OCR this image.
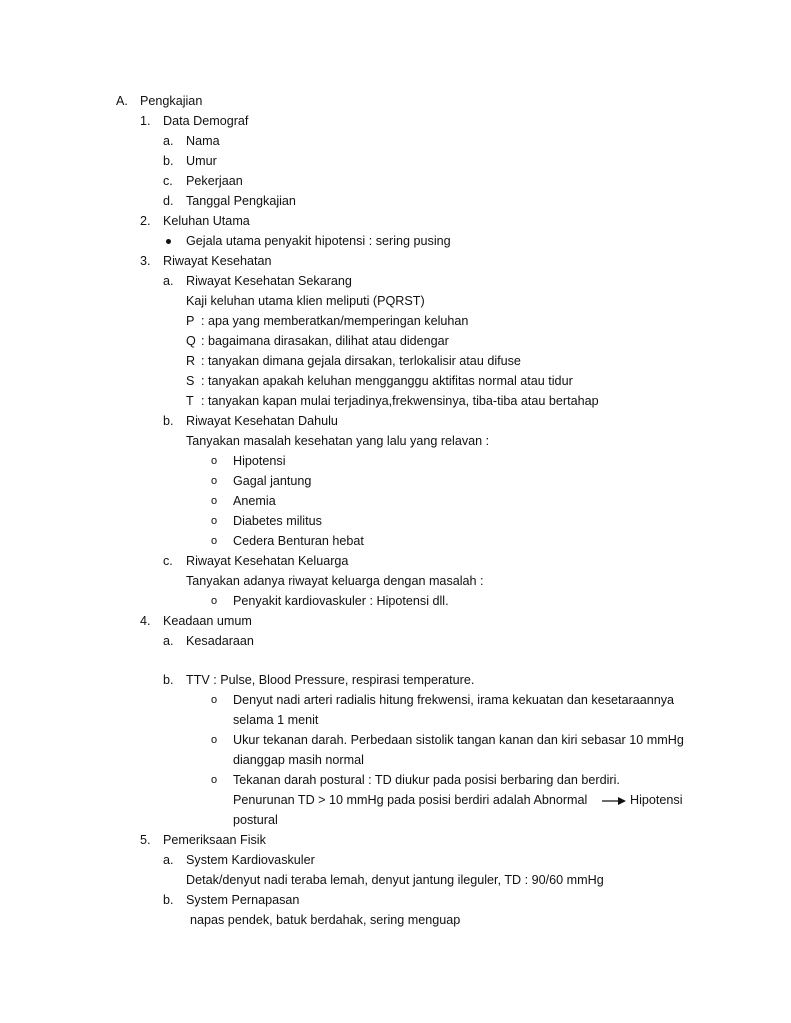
A. Pengkajian
1. Data Demograf
a. Nama
b. Umur
c. Pekerjaan
d. Tanggal Pengkajian
2. Keluhan Utama
Gejala utama penyakit hipotensi : sering pusing
3. Riwayat Kesehatan
a. Riwayat Kesehatan Sekarang
Kaji keluhan utama klien meliputi (PQRST)
P : apa yang memberatkan/memperingan keluhan
Q : bagaimana dirasakan, dilihat atau didengar
R : tanyakan dimana gejala dirsakan, terlokalisir atau difuse
S : tanyakan apakah keluhan mengganggu aktifitas normal atau tidur
T : tanyakan kapan mulai terjadinya,frekwensinya, tiba-tiba atau bertahap
b. Riwayat Kesehatan Dahulu
Tanyakan masalah kesehatan yang lalu yang relavan :
o Hipotensi
o Gagal jantung
o Anemia
o Diabetes militus
o Cedera Benturan hebat
c. Riwayat Kesehatan Keluarga
Tanyakan adanya riwayat keluarga dengan masalah :
o Penyakit kardiovaskuler : Hipotensi dll.
4. Keadaan umum
a. Kesadaraan
b. TTV : Pulse, Blood Pressure, respirasi temperature.
o Denyut nadi arteri radialis hitung frekwensi, irama kekuatan dan kesetaraannya
selama 1 menit
o Ukur tekanan darah. Perbedaan sistolik tangan kanan dan kiri sebasar 10 mmHg
dianggap masih normal
o Tekanan darah postural : TD diukur pada posisi berbaring dan berdiri.
Penurunan TD > 10 mmHg pada posisi berdiri adalah Abnormal	Hipotensi
postural
5. Pemeriksaan Fisik
a. System Kardiovaskuler
Detak/denyut nadi teraba lemah, denyut jantung ileguler, TD : 90/60 mmHg
b. System Pernapasan
napas pendek, batuk berdahak, sering menguap
